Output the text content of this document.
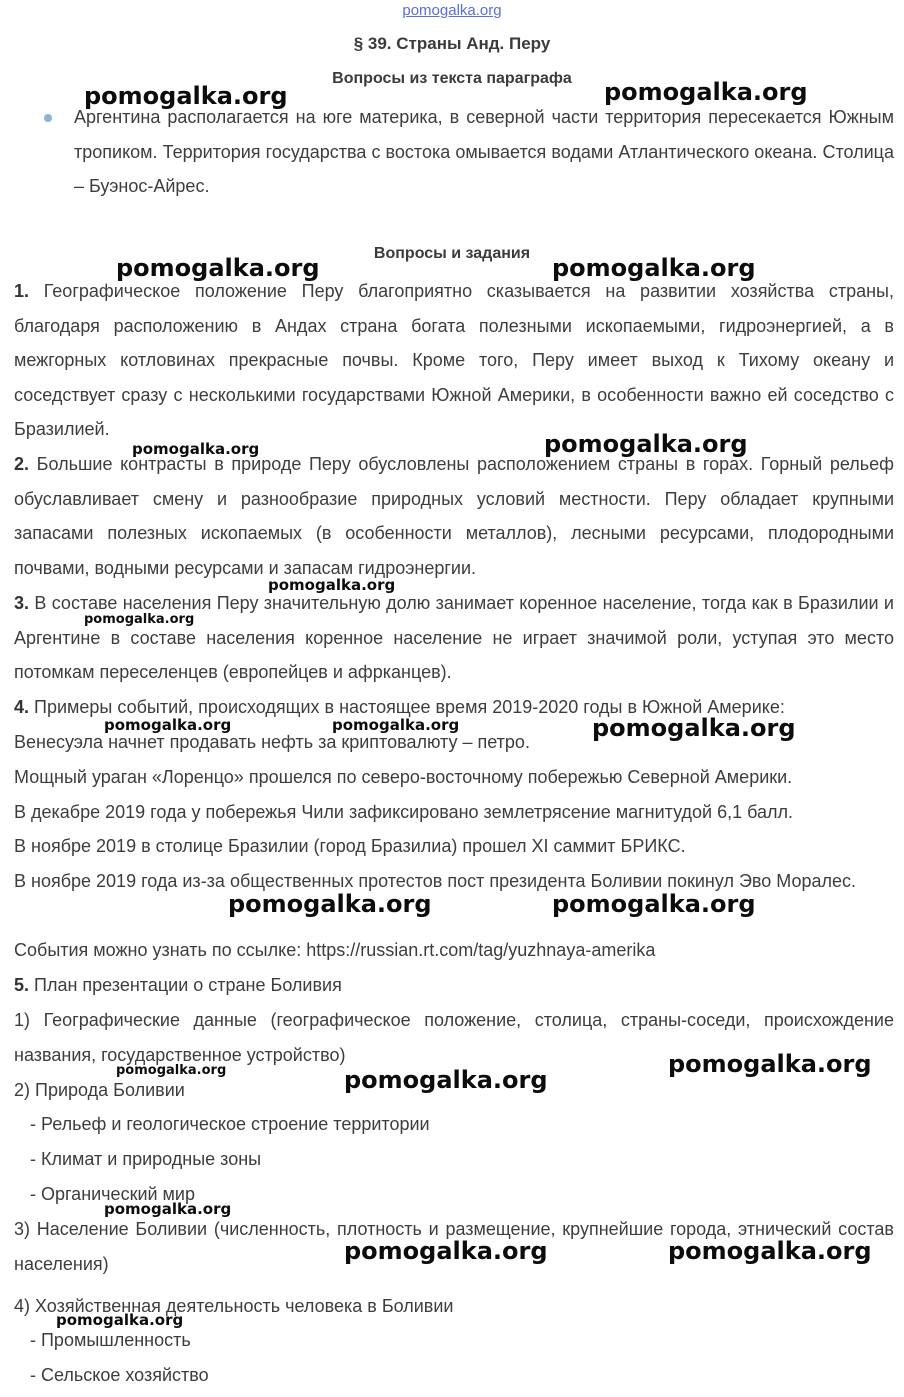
pomogalka.org
§ 39. Страны Анд. Перу
Вопросы из текста параграфа

Аргентина располагается на юге материка, в северной части территория пересекается Южным тропиком. Территория государства с востока омывается водами Атлантического океана. Столица – Буэнос-Айрес.

Вопросы и задания

1. Географическое положение Перу благоприятно сказывается на развитии хозяйства страны, благодаря расположению в Андах страна богата полезными ископаемыми, гидроэнергией, а в межгорных котловинах прекрасные почвы. Кроме того, Перу имеет выход к Тихому океану и соседствует сразу с несколькими государствами Южной Америки, в особенности важно ей соседство с Бразилией.

2. Большие контрасты в природе Перу обусловлены расположением страны в горах. Горный рельеф обуславливает смену и разнообразие природных условий местности. Перу обладает крупными запасами полезных ископаемых (в особенности металлов), лесными ресурсами, плодородными почвами, водными ресурсами и запасам гидроэнергии.

3. В составе населения Перу значительную долю занимает коренное население, тогда как в Бразилии и Аргентине в составе населения коренное население не играет значимой роли, уступая это место потомкам переселенцев (европейцев и афрканцев).

4. Примеры событий, происходящих в настоящее время 2019-2020 годы в Южной Америке:

Венесуэла начнет продавать нефть за криптовалюту – петро.

Мощный ураган «Лоренцо» прошелся по северо-восточному побережью Северной Америки.

В декабре 2019 года у побережья Чили зафиксировано землетрясение магнитудой 6,1 балл.

В ноябре 2019 в столице Бразилии (город Бразилиа) прошел XI саммит БРИКС.

В ноябре 2019 года из-за общественных протестов пост президента Боливии покинул Эво Моралес.

События можно узнать по ссылке: https://russian.rt.com/tag/yuzhnaya-amerika

5. План презентации о стране Боливия

1) Географические данные (географическое положение, столица, страны-соседи, происхождение названия, государственное устройство)

2) Природа Боливии

- Рельеф и геологическое строение территории

- Климат и природные зоны

- Органический мир

3) Население Боливии (численность, плотность и размещение, крупнейшие города, этнический состав населения)

4) Хозяйственная деятельность человека в Боливии

- Промышленность

- Сельское хозяйство

pomogalka.org	pomogalka.org
pomogalka.org	pomogalka.org
pomogalka.org	pomogalka.org
pomogalka.org
pomogalka.org
pomogalka.org	pomogalka.org	pomogalka.org
pomogalka.org	pomogalka.org
pomogalka.org
pomogalka.org	pomogalka.org
pomogalka.org
pomogalka.org	pomogalka.org
pomogalka.org
